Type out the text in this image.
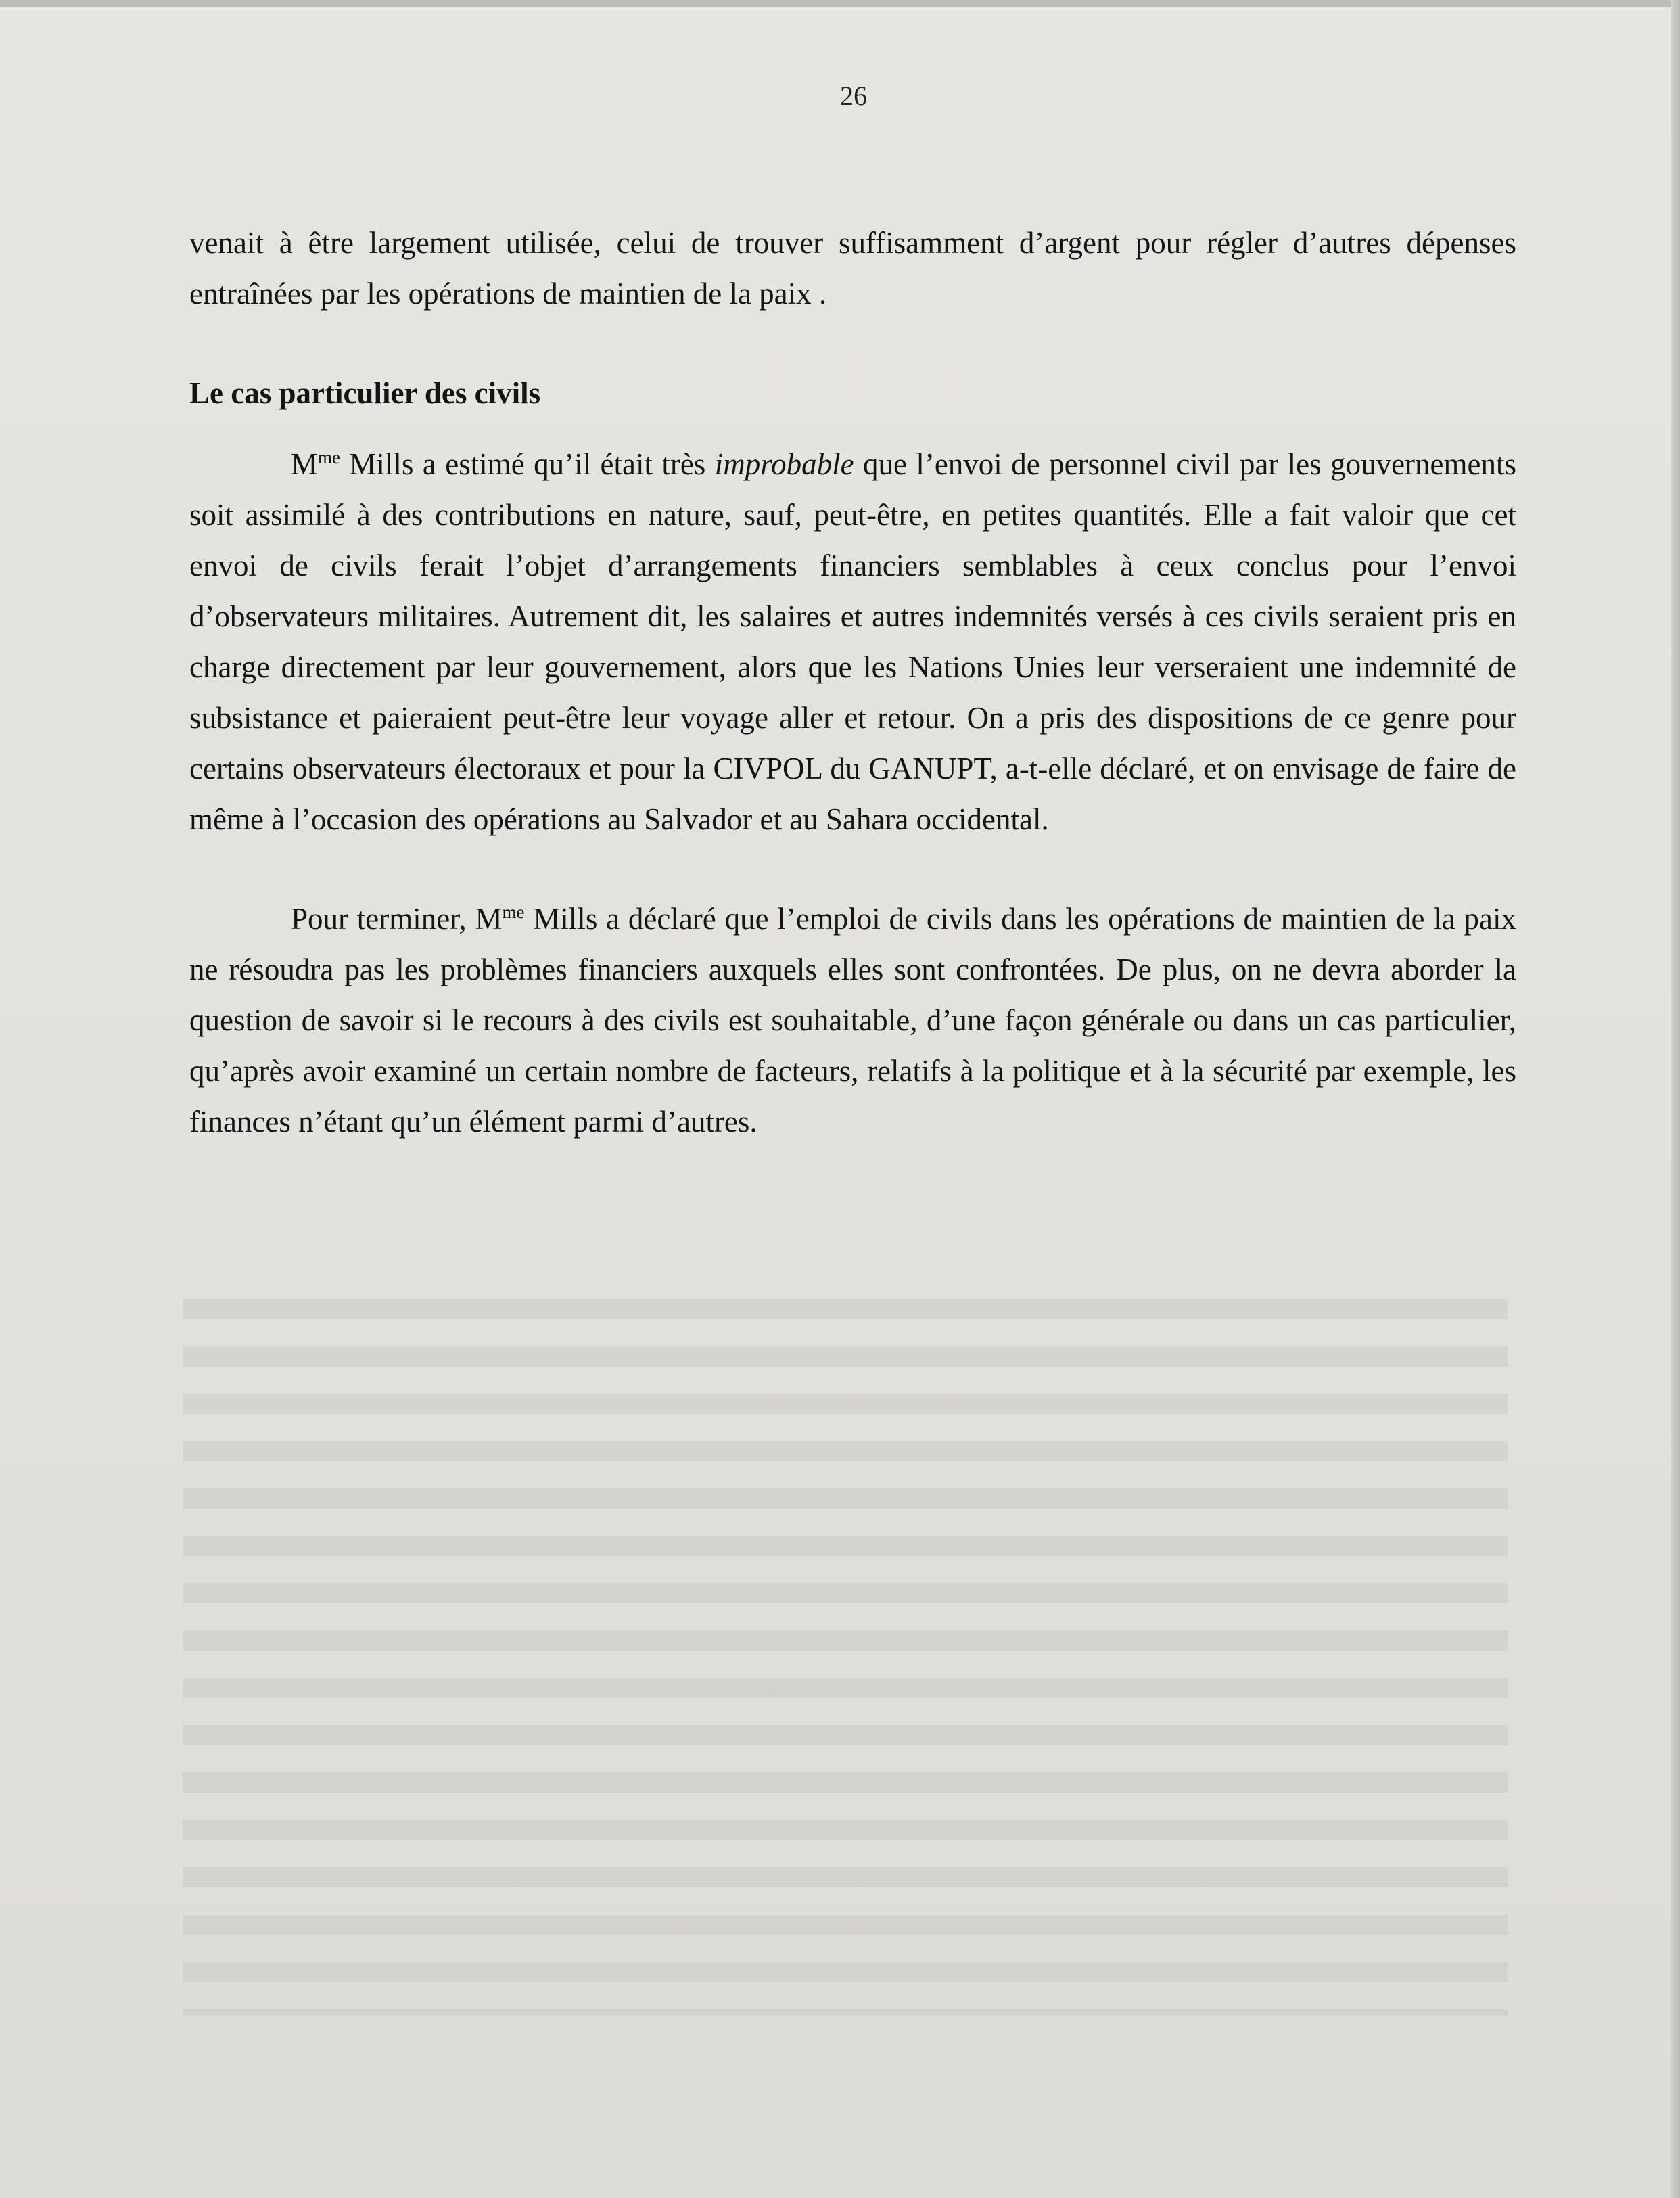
26

venait à être largement utilisée, celui de trouver suffisamment d’argent pour régler d’autres dépenses entraînées par les opérations de maintien de la paix .

Le cas particulier des civils

$M^{me}$ Mills a estimé qu’il était très improbable que l’envoi de personnel civil par les gouvernements soit assimilé à des contributions en nature, sauf, peut-être, en petites quantités. Elle a fait valoir que cet envoi de civils ferait l’objet d’arrangements financiers semblables à ceux conclus pour l’envoi d’observateurs militaires. Autrement dit, les salaires et autres indemnités versés à ces civils seraient pris en charge directement par leur gouvernement, alors que les Nations Unies leur verseraient une indemnité de subsistance et paieraient peut-être leur voyage aller et retour. On a pris des dispositions de ce genre pour certains observateurs électoraux et pour la CIVPOL du GANUPT, a-t-elle déclaré, et on envisage de faire de même à l’occasion des opérations au Salvador et au Sahara occidental.

Pour terminer, $M^{me}$ Mills a déclaré que l’emploi de civils dans les opérations de maintien de la paix ne résoudra pas les problèmes financiers auxquels elles sont confrontées. De plus, on ne devra aborder la question de savoir si le recours à des civils est souhaitable, d’une façon générale ou dans un cas particulier, qu’après avoir examiné un certain nombre de facteurs, relatifs à la politique et à la sécurité par exemple, les finances n’étant qu’un élément parmi d’autres.
